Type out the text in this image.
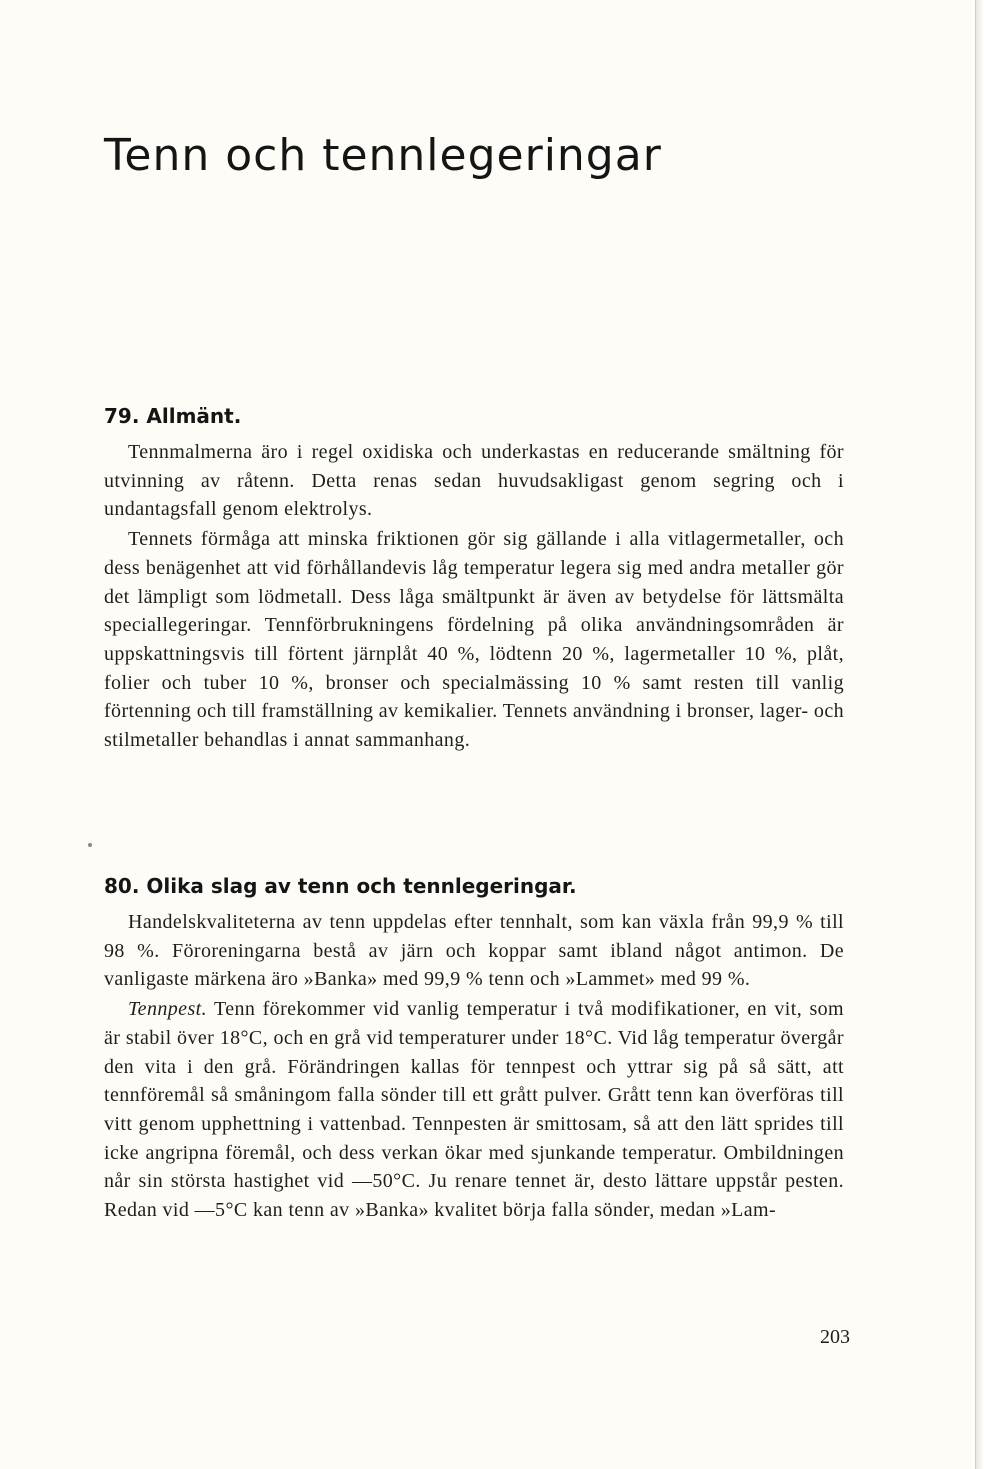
Tenn och tennlegeringar
79. Allmänt.

Tennmalmerna äro i regel oxidiska och underkastas en reducerande smältning för utvinning av råtenn. Detta renas sedan huvudsakligast genom segring och i undantagsfall genom elektrolys.

Tennets förmåga att minska friktionen gör sig gällande i alla vitlagermetaller, och dess benägenhet att vid förhållandevis låg temperatur legera sig med andra metaller gör det lämpligt som lödmetall. Dess låga smältpunkt är även av betydelse för lättsmälta speciallegeringar. Tennförbrukningens fördelning på olika användningsområden är uppskattningsvis till förtent järnplåt 40 %, lödtenn 20 %, lagermetaller 10 %, plåt, folier och tuber 10 %, bronser och specialmässing 10 % samt resten till vanlig förtenning och till framställning av kemikalier. Tennets användning i bronser, lager- och stilmetaller behandlas i annat sammanhang.

80. Olika slag av tenn och tennlegeringar.

Handelskvaliteterna av tenn uppdelas efter tennhalt, som kan växla från 99,9 % till 98 %. Föroreningarna bestå av järn och koppar samt ibland något antimon. De vanligaste märkena äro »Banka» med 99,9 % tenn och »Lammet» med 99 %.

Tennpest. Tenn förekommer vid vanlig temperatur i två modifikationer, en vit, som är stabil över 18°C, och en grå vid temperaturer under 18°C. Vid låg temperatur övergår den vita i den grå. Förändringen kallas för tennpest och yttrar sig på så sätt, att tennföremål så småningom falla sönder till ett grått pulver. Grått tenn kan överföras till vitt genom upphettning i vattenbad. Tennpesten är smittosam, så att den lätt sprides till icke angripna föremål, och dess verkan ökar med sjunkande temperatur. Ombildningen når sin största hastighet vid —50°C. Ju renare tennet är, desto lättare uppstår pesten. Redan vid —5°C kan tenn av »Banka» kvalitet börja falla sönder, medan »Lam-

203
